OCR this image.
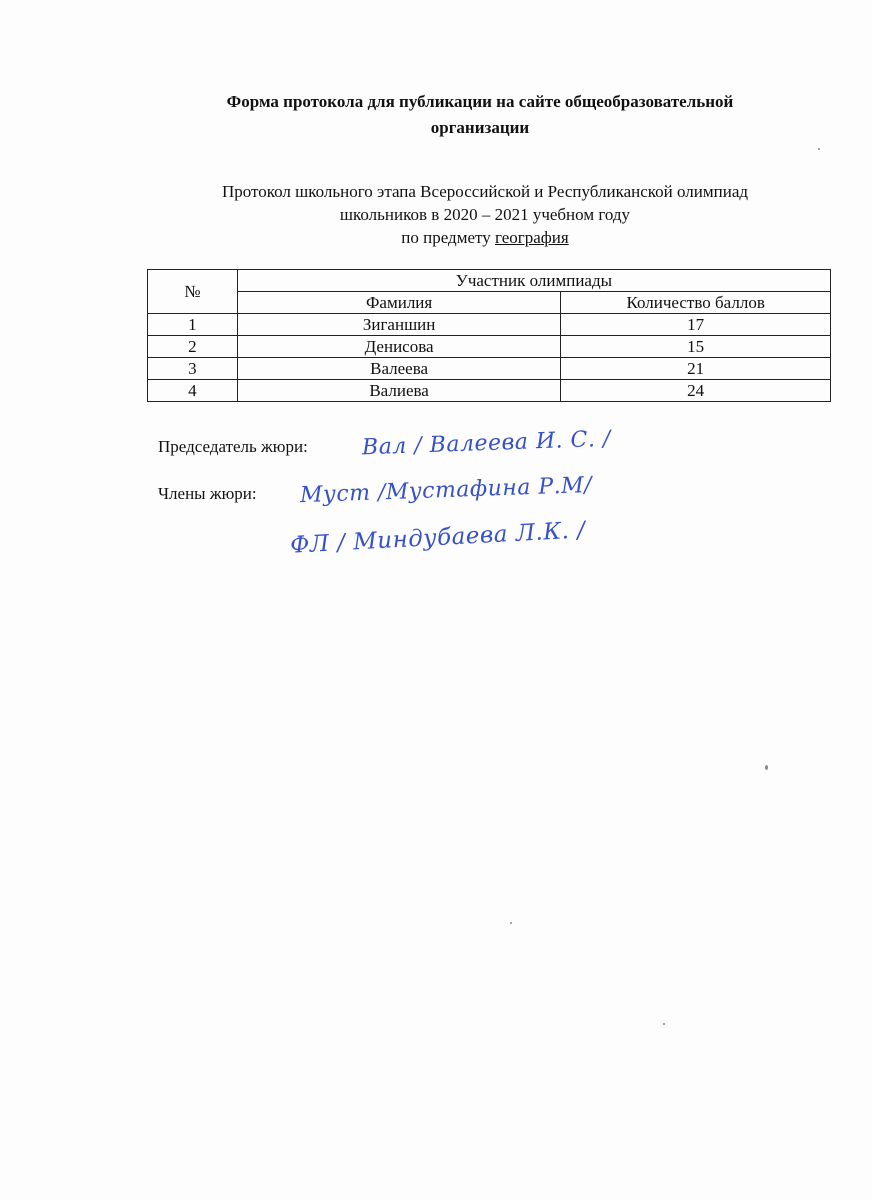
Форма протокола для публикации на сайте общеобразовательной
организации
Протокол школьного этапа Всероссийской и Республиканской олимпиад
школьников в 2020 – 2021 учебном году
по предмету география
№	Участник олимпиады	
	Фамилия	Количество баллов
1	Зиганшин	17
2	Денисова	15
3	Валеева	21
4	Валиева	24
Председатель жюри: Вал / Валеева И. С. /
Члены жюри: Муст /Мустафина Р.М/
ФЛ / Миндубаева Л.К. /
